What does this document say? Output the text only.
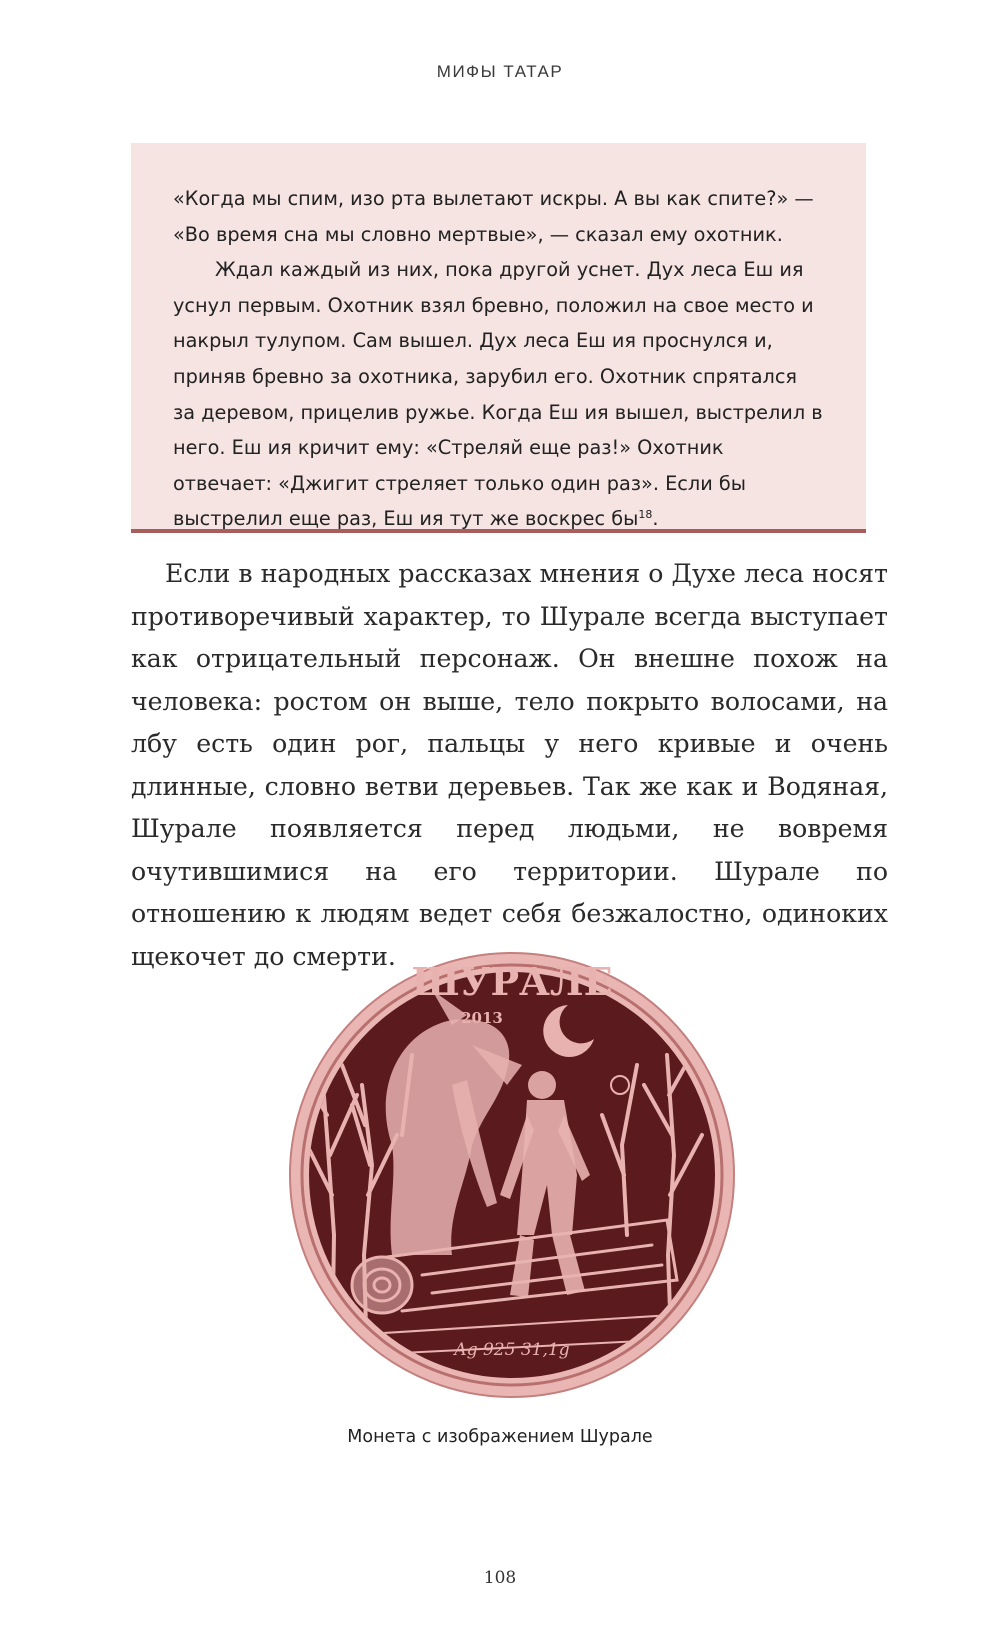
МИФЫ ТАТАР

«Когда мы спим, изо рта вылетают искры. А вы как спите?» —

«Во время сна мы словно мертвые», — сказал ему охотник.

Ждал каждый из них, пока другой уснет. Дух леса Еш ия уснул первым. Охотник взял бревно, положил на свое место и накрыл тулупом. Сам вышел. Дух леса Еш ия проснулся и, приняв бревно за охотника, зарубил его. Охотник спрятался за деревом, прицелив ружье. Когда Еш ия вышел, выстрелил в него. Еш ия кричит ему: «Стреляй еще раз!» Охотник отвечает: «Джигит стреляет только один раз». Если бы выстрелил еще раз, Еш ия тут же воскрес $бы^{18}$.

Если в народных рассказах мнения о Духе леса носят противоречивый характер, то Шурале всегда выступает как отрицательный персонаж. Он внешне похож на человека: ростом он выше, тело покрыто волосами, на лбу есть один рог, пальцы у него кривые и очень длинные, словно ветви деревьев. Так же как и Водяная, Шурале появляется перед людьми, не вовремя очутившимися на его территории. Шурале по отношению к людям ведет себя безжалостно, одиноких щекочет до смерти.

ШУРАЛЕ
2013
Ag 925 31,1g
Монета с изображением Шурале
108
